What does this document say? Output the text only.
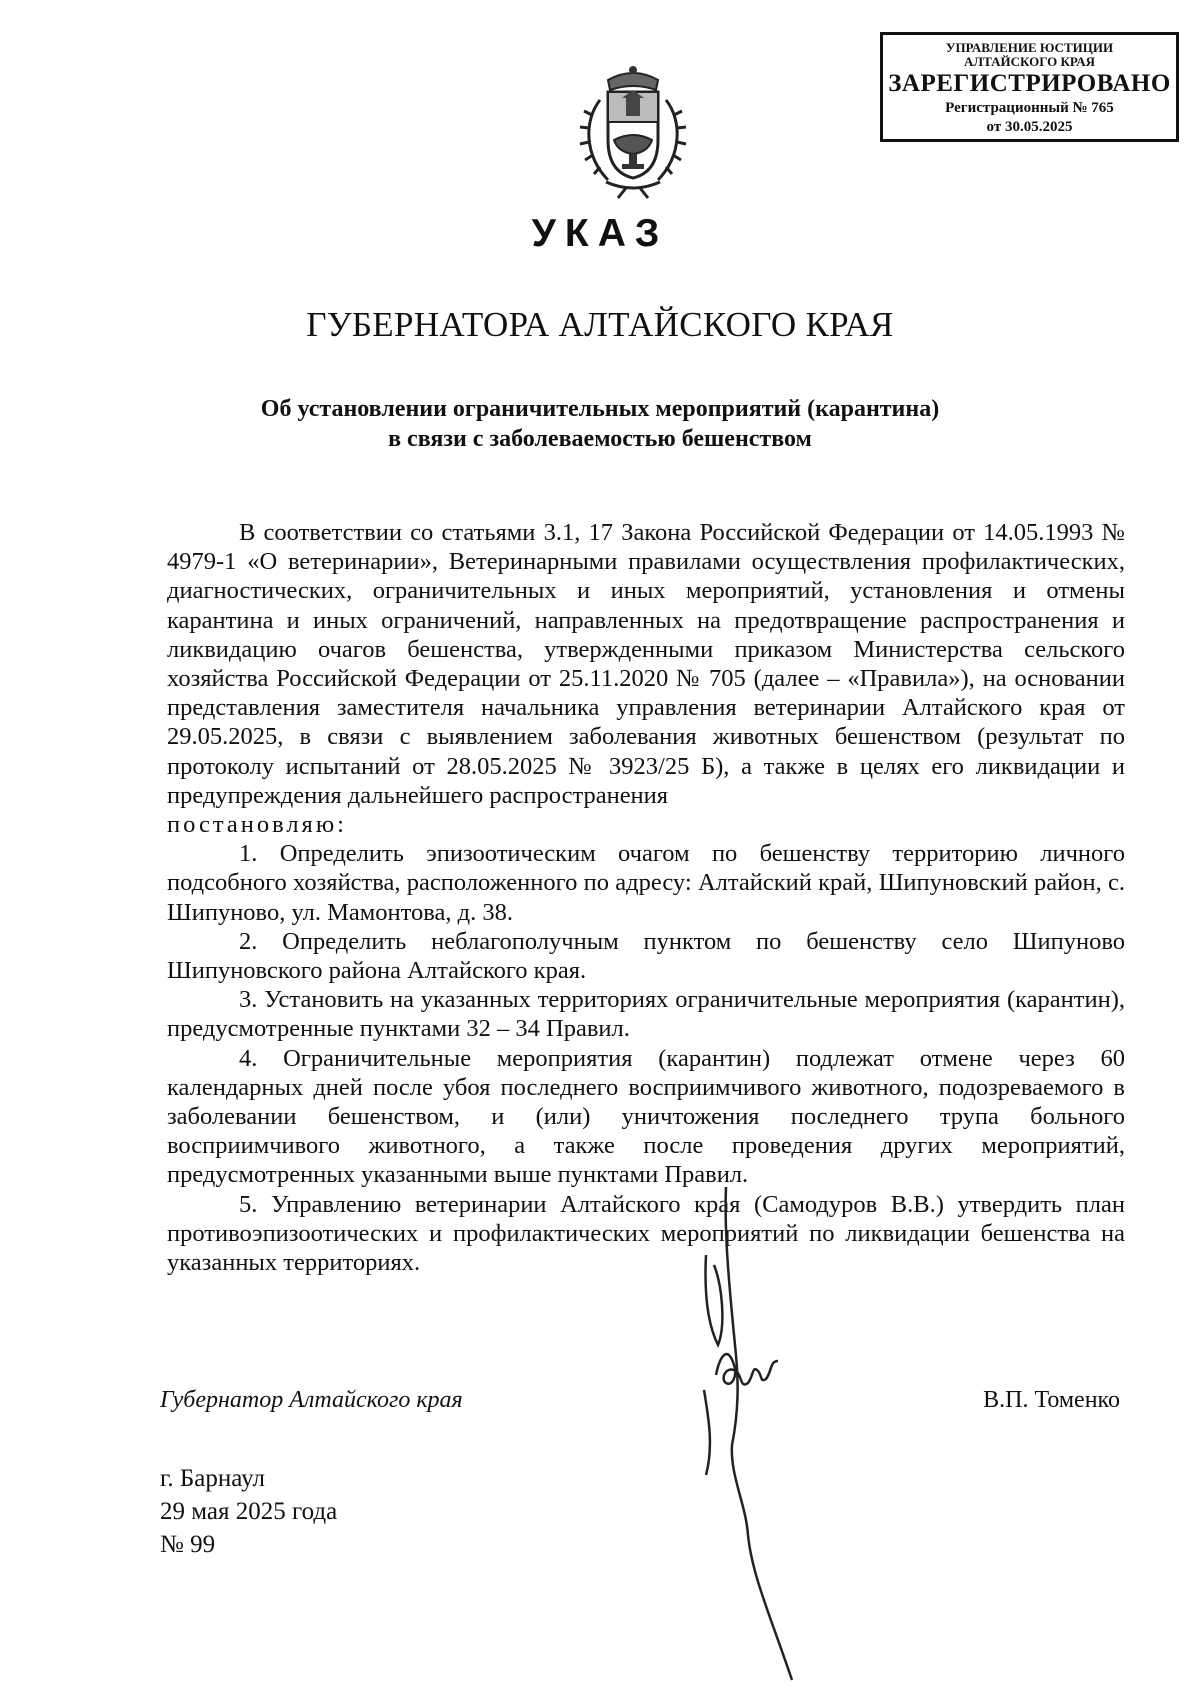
УПРАВЛЕНИЕ ЮСТИЦИИ
АЛТАЙСКОГО КРАЯ
ЗАРЕГИСТРИРОВАНО
Регистрационный № 765
от 30.05.2025
УКАЗ
ГУБЕРНАТОРА АЛТАЙСКОГО КРАЯ
Об установлении ограничительных мероприятий (карантина)
в связи с заболеваемостью бешенством

В соответствии со статьями 3.1, 17 Закона Российской Федерации от 14.05.1993 № 4979-1 «О ветеринарии», Ветеринарными правилами осуществления профилактических, диагностических, ограничительных и иных мероприятий, установления и отмены карантина и иных ограничений, направленных на предотвращение распространения и ликвидацию очагов бешенства, утвержденными приказом Министерства сельского хозяйства Российской Федерации от 25.11.2020 № 705 (далее – «Правила»), на основании представления заместителя начальника управления ветеринарии Алтайского края от 29.05.2025, в связи с выявлением заболевания животных бешенством (результат по протоколу испытаний от 28.05.2025 № 3923/25 Б), а также в целях его ликвидации и предупреждения дальнейшего распространения

постановляю:

1. Определить эпизоотическим очагом по бешенству территорию личного подсобного хозяйства, расположенного по адресу: Алтайский край, Шипуновский район, с. Шипуново, ул. Мамонтова, д. 38.

2. Определить неблагополучным пунктом по бешенству село Шипуново Шипуновского района Алтайского края.

3. Установить на указанных территориях ограничительные мероприятия (карантин), предусмотренные пунктами 32 – 34 Правил.

4. Ограничительные мероприятия (карантин) подлежат отмене через 60 календарных дней после убоя последнего восприимчивого животного, подозреваемого в заболевании бешенством, и (или) уничтожения последнего трупа больного восприимчивого животного, а также после проведения других мероприятий, предусмотренных указанными выше пунктами Правил.

5. Управлению ветеринарии Алтайского края (Самодуров В.В.) утвердить план противоэпизоотических и профилактических мероприятий по ликвидации бешенства на указанных территориях.

Губернатор Алтайского края	В.П. Томенко
г. Барнаул
29 мая 2025 года
№ 99
